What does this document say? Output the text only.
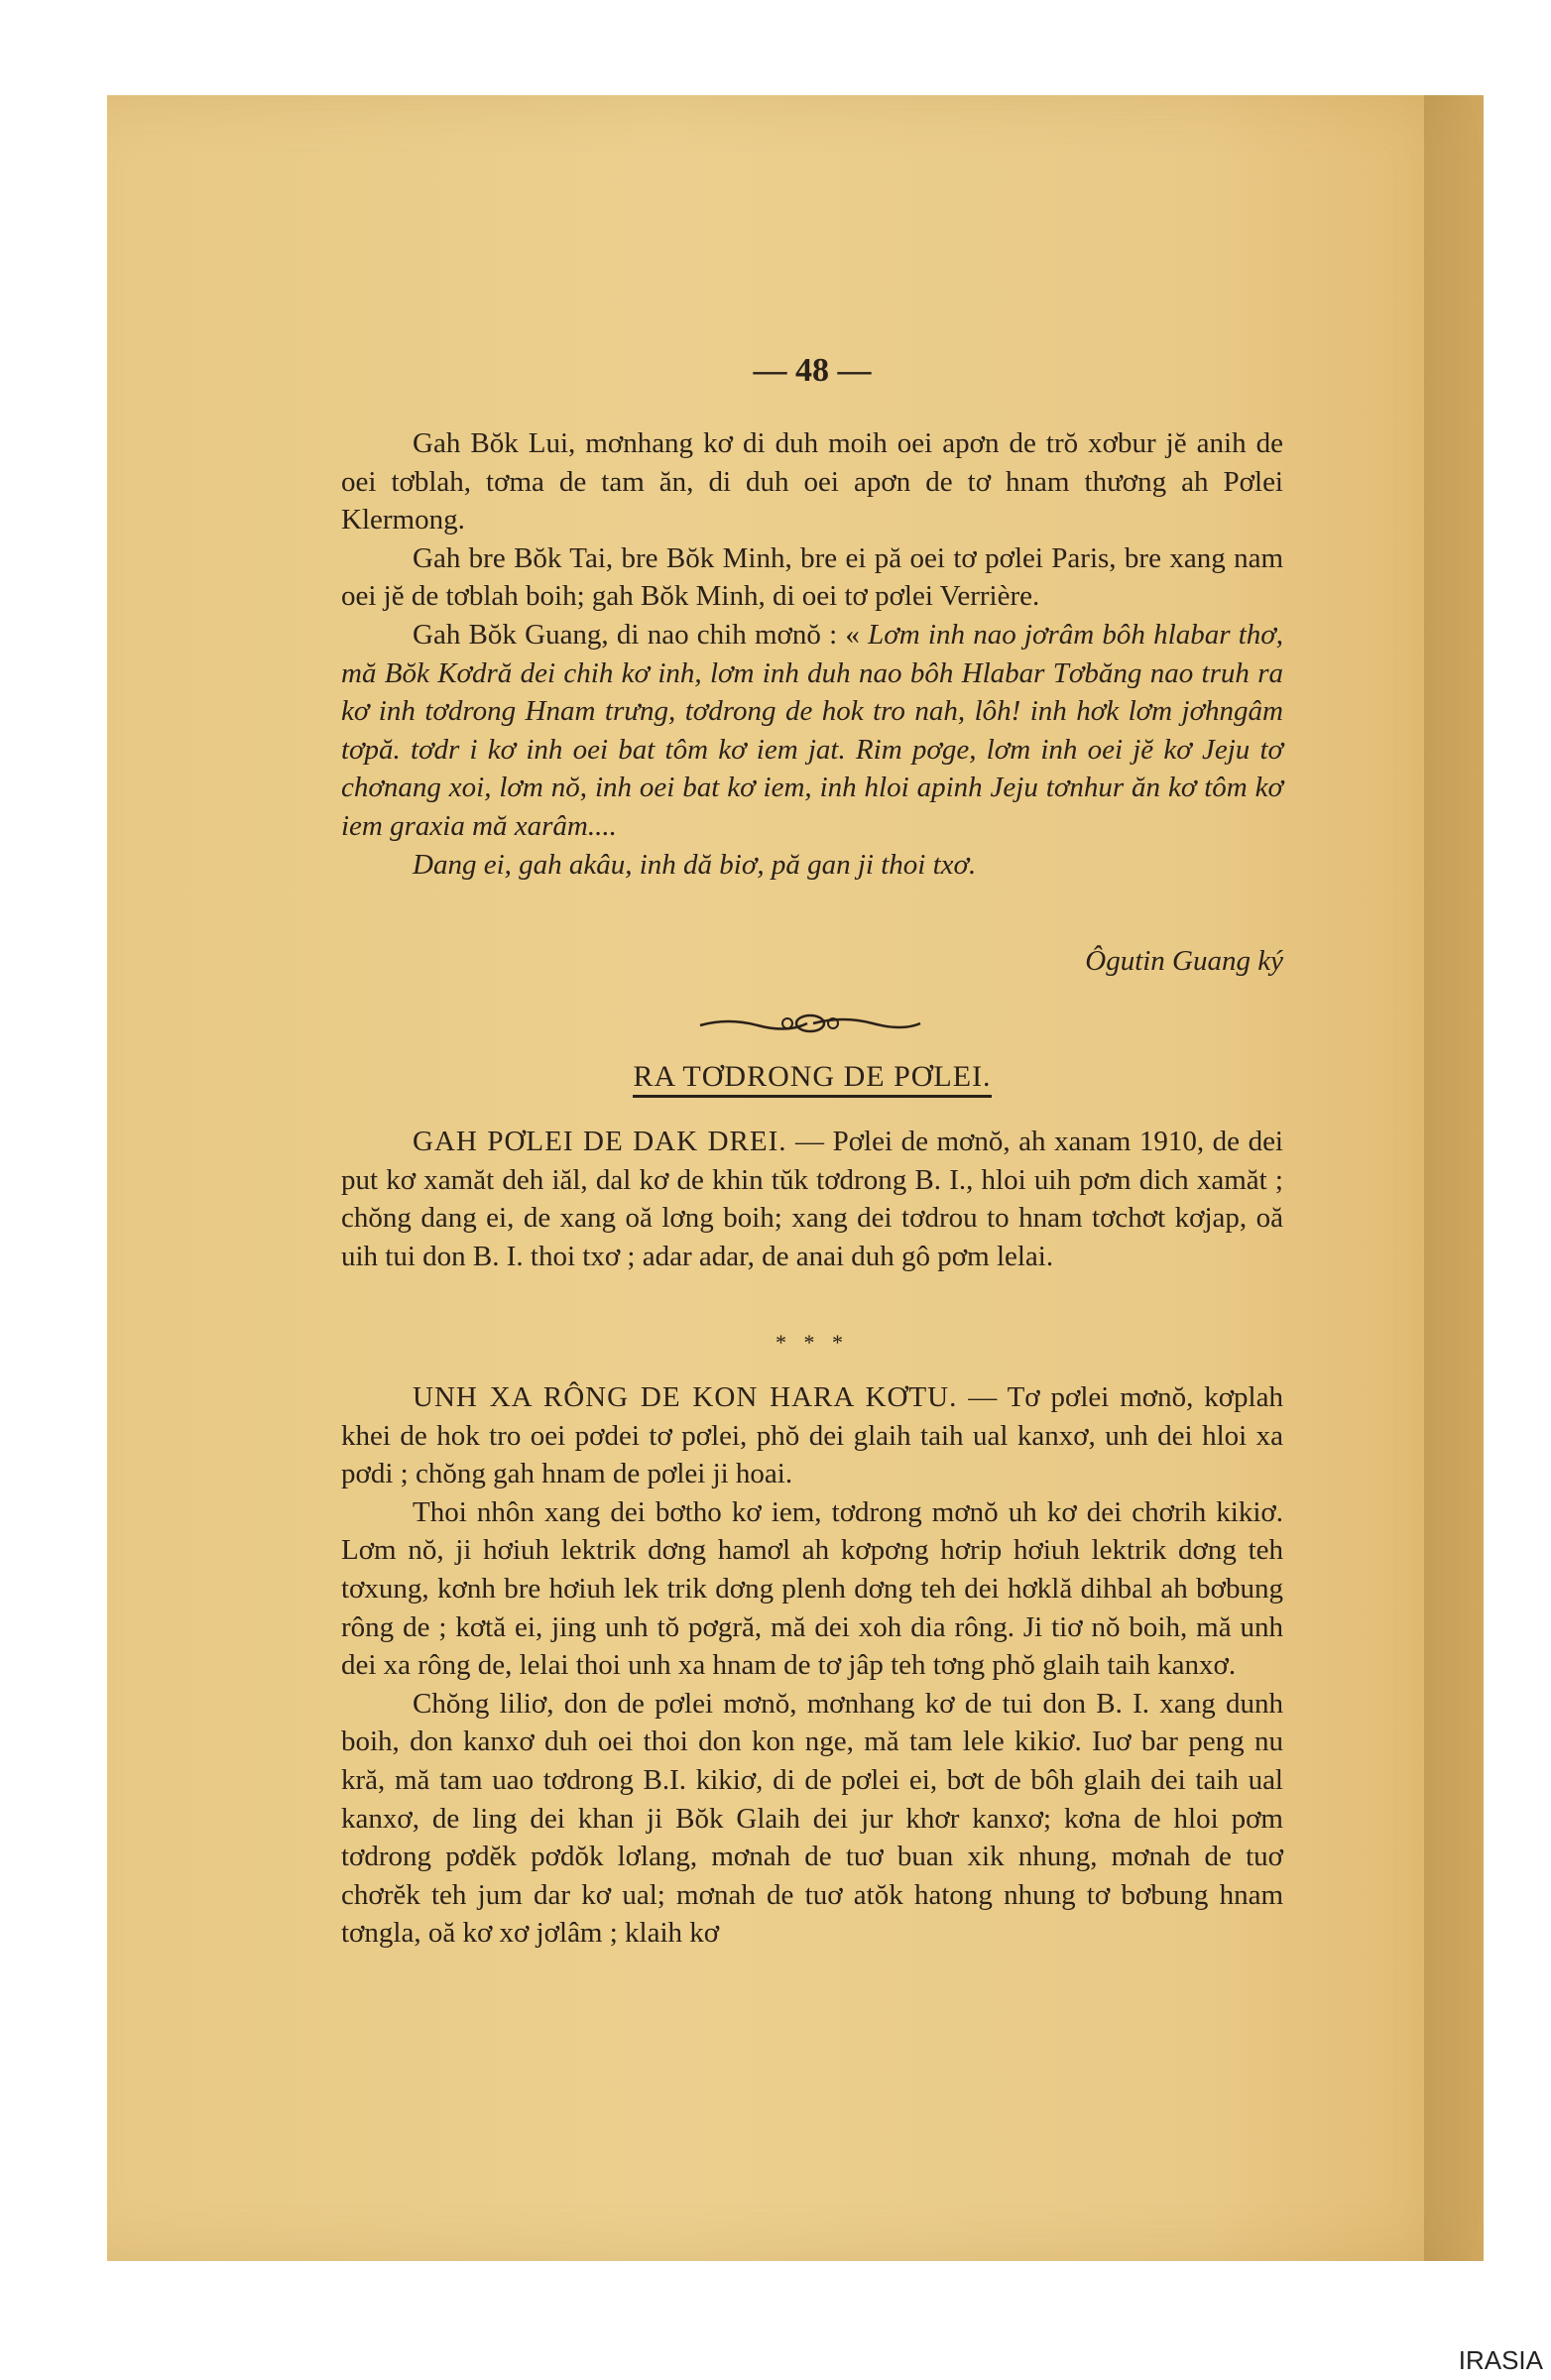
— 48 —

Gah Bŏk Lui, mơnhang kơ di duh moih oei apơn de trŏ xơbur jĕ anih de oei tơblah, tơma de tam ăn, di duh oei apơn de tơ hnam thương ah Pơlei Klermong.

Gah bre Bŏk Tai, bre Bŏk Minh, bre ei pă oei tơ pơlei Paris, bre xang nam oei jĕ de tơblah boih; gah Bŏk Minh, di oei tơ pơlei Verrière.

Gah Bŏk Guang, di nao chih mơnŏ : « Lơm inh nao jơrâm bôh hlabar thơ, mă Bŏk Kơdră dei chih kơ inh, lơm inh duh nao bôh Hlabar Tơbăng nao truh ra kơ inh tơdrong Hnam trưng, tơdrong de hok tro nah, lôh! inh hơk lơm jơhngâm tơpă. tơdr i kơ inh oei bat tôm kơ iem jat. Rim pơge, lơm inh oei jĕ kơ Jeju tơ chơnang xoi, lơm nŏ, inh oei bat kơ iem, inh hloi apinh Jeju tơnhur ăn kơ tôm kơ iem graxia mă xarâm....

Dang ei, gah akâu, inh dă biơ, pă gan ji thoi txơ.

Ôgutin Guang ký
RA TƠDRONG DE PƠLEI.

GAH PƠLEI DE DAK DREI. — Pơlei de mơnŏ, ah xanam 1910, de dei put kơ xamăt deh iăl, dal kơ de khin tŭk tơdrong B. I., hloi uih pơm dich xamăt ; chŏng dang ei, de xang oă lơng boih; xang dei tơdrou to hnam tơchơt kơjap, oă uih tui don B. I. thoi txơ ; adar adar, de anai duh gô pơm lelai.

* * *

UNH XA RÔNG DE KON HARA KƠTU. — Tơ pơlei mơnŏ, kơplah khei de hok tro oei pơdei tơ pơlei, phŏ dei glaih taih ual kanxơ, unh dei hloi xa pơdi ; chŏng gah hnam de pơlei ji hoai.

Thoi nhôn xang dei bơtho kơ iem, tơdrong mơnŏ uh kơ dei chơrih kikiơ. Lơm nŏ, ji hơiuh lektrik dơng hamơl ah kơpơng hơrip hơiuh lektrik dơng teh tơxung, kơnh bre hơiuh lek trik dơng plenh dơng teh dei hơklă dihbal ah bơbung rông de ; kơtă ei, jing unh tŏ pơgră, mă dei xoh dia rông. Ji tiơ nŏ boih, mă unh dei xa rông de, lelai thoi unh xa hnam de tơ jâp teh tơng phŏ glaih taih kanxơ.

Chŏng liliơ, don de pơlei mơnŏ, mơnhang kơ de tui don B. I. xang dunh boih, don kanxơ duh oei thoi don kon nge, mă tam lele kikiơ. Iuơ bar peng nu kră, mă tam uao tơdrong B.I. kikiơ, di de pơlei ei, bơt de bôh glaih dei taih ual kanxơ, de ling dei khan ji Bŏk Glaih dei jur khơr kanxơ; kơna de hloi pơm tơdrong pơdĕk pơdŏk lơlang, mơnah de tuơ buan xik nhung, mơnah de tuơ chơrĕk teh jum dar kơ ual; mơnah de tuơ atŏk hatong nhung tơ bơbung hnam tơngla, oă kơ xơ jơlâm ; klaih kơ

IRASIA
